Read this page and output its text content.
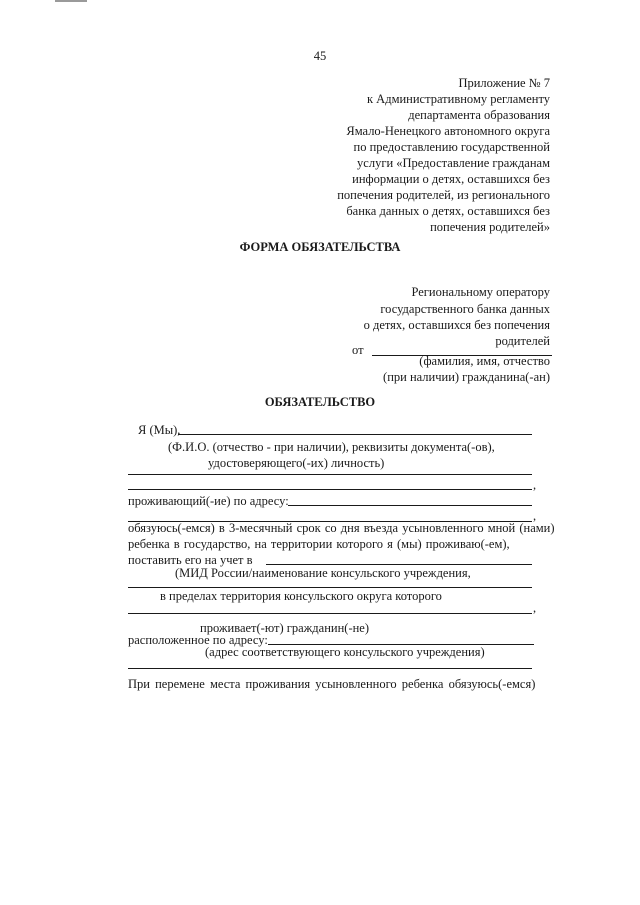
45
Приложение № 7
к Административному регламенту
департамента образования
Ямало-Ненецкого автономного округа
по предоставлению государственной
услуги «Предоставление гражданам
информации о детях, оставшихся без
попечения родителей, из регионального
банка данных о детях, оставшихся без
попечения родителей»
ФОРМА ОБЯЗАТЕЛЬСТВА
Региональному оператору
государственного банка данных
о детях, оставшихся без попечения
родителей
от
(фамилия, имя, отчество
(при наличии) гражданина(-ан)
ОБЯЗАТЕЛЬСТВО
Я (Мы),
(Ф.И.О. (отчество - при наличии), реквизиты документа(-ов),
удостоверяющего(-их) личность)
,
проживающий(-ие) по адресу:
,
обязуюсь(-емся) в 3-месячный срок со дня въезда усыновленного мной (нами)
ребенка в государство, на территории которого я (мы) проживаю(-ем),
поставить его на учет в
(МИД России/наименование консульского учреждения,
в пределах территория консульского округа которого
,
проживает(-ют) гражданин(-не)
расположенное по адресу:
(адрес соответствующего консульского учреждения)
При перемене места проживания усыновленного ребенка обязуюсь(-емся)
